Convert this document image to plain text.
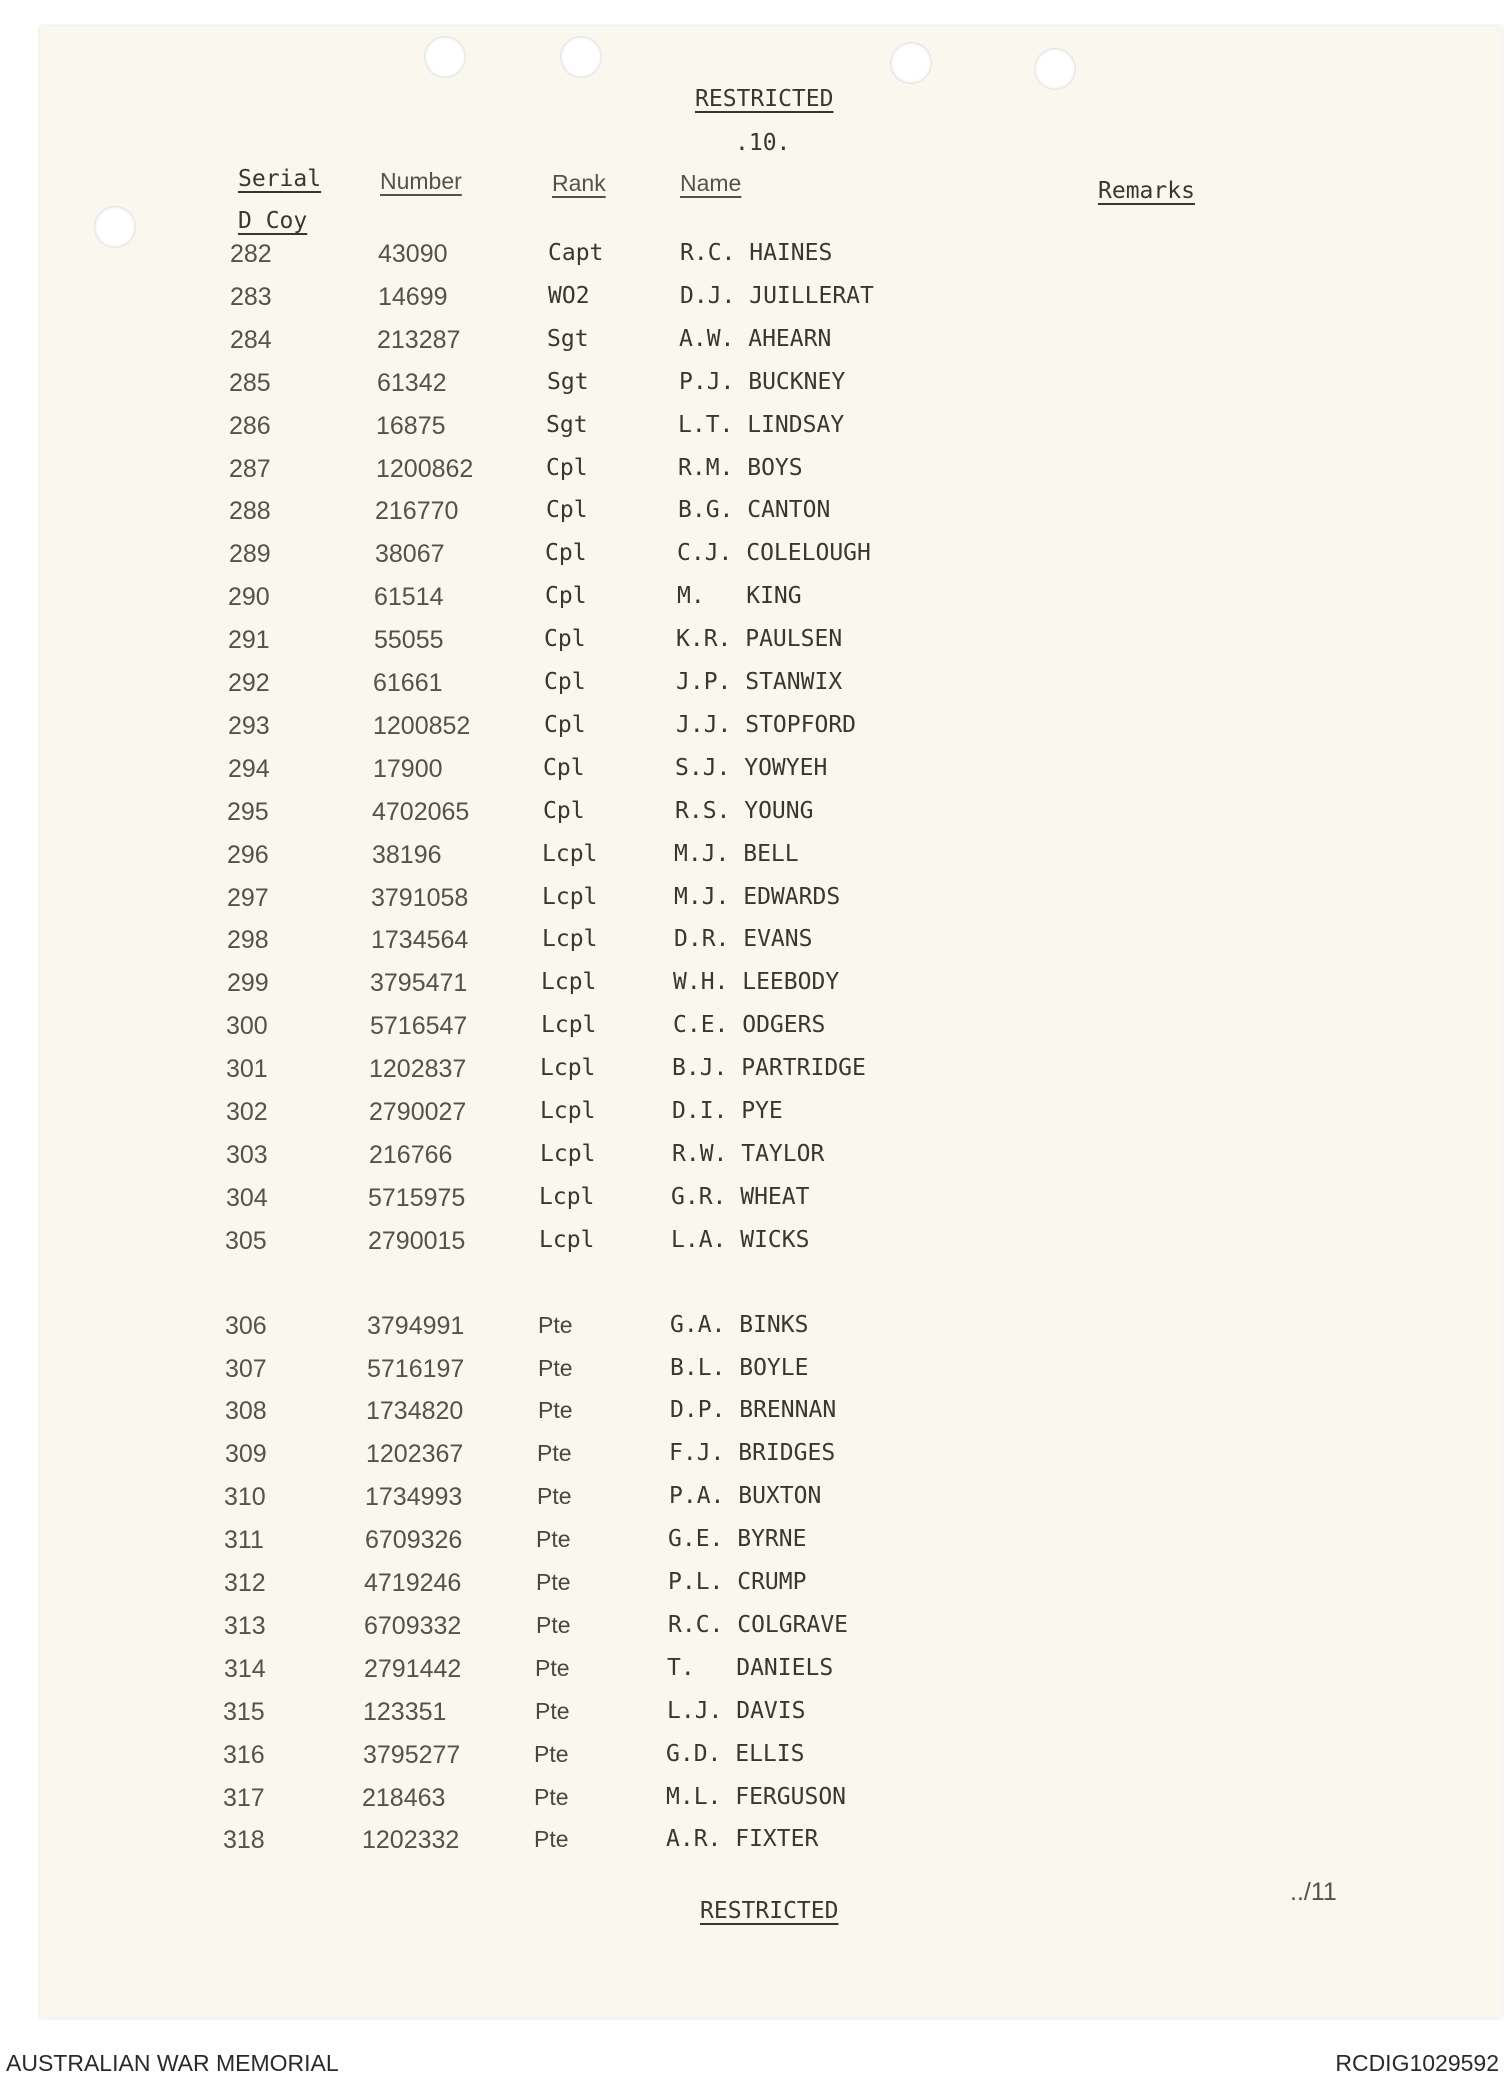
RESTRICTED
.10.
Serial	Number	Rank	Name	Remarks
D Coy
282	43090	Capt	R.C. HAINES
283	14699	WO2	D.J. JUILLERAT
284	213287	Sgt	A.W. AHEARN
285	61342	Sgt	P.J. BUCKNEY
286	16875	Sgt	L.T. LINDSAY
287	1200862	Cpl	R.M. BOYS
288	216770	Cpl	B.G. CANTON
289	38067	Cpl	C.J. COLELOUGH
290	61514	Cpl	M.   KING
291	55055	Cpl	K.R. PAULSEN
292	61661	Cpl	J.P. STANWIX
293	1200852	Cpl	J.J. STOPFORD
294	17900	Cpl	S.J. YOWYEH
295	4702065	Cpl	R.S. YOUNG
296	38196	Lcpl	M.J. BELL
297	3791058	Lcpl	M.J. EDWARDS
298	1734564	Lcpl	D.R. EVANS
299	3795471	Lcpl	W.H. LEEBODY
300	5716547	Lcpl	C.E. ODGERS
301	1202837	Lcpl	B.J. PARTRIDGE
302	2790027	Lcpl	D.I. PYE
303	216766	Lcpl	R.W. TAYLOR
304	5715975	Lcpl	G.R. WHEAT
305	2790015	Lcpl	L.A. WICKS
306	3794991	Pte	G.A. BINKS
307	5716197	Pte	B.L. BOYLE
308	1734820	Pte	D.P. BRENNAN
309	1202367	Pte	F.J. BRIDGES
310	1734993	Pte	P.A. BUXTON
311	6709326	Pte	G.E. BYRNE
312	4719246	Pte	P.L. CRUMP
313	6709332	Pte	R.C. COLGRAVE
314	2791442	Pte	T.   DANIELS
315	123351	Pte	L.J. DAVIS
316	3795277	Pte	G.D. ELLIS
317	218463	Pte	M.L. FERGUSON
318	1202332	Pte	A.R. FIXTER
../11
RESTRICTED
AUSTRALIAN WAR MEMORIAL	RCDIG1029592
